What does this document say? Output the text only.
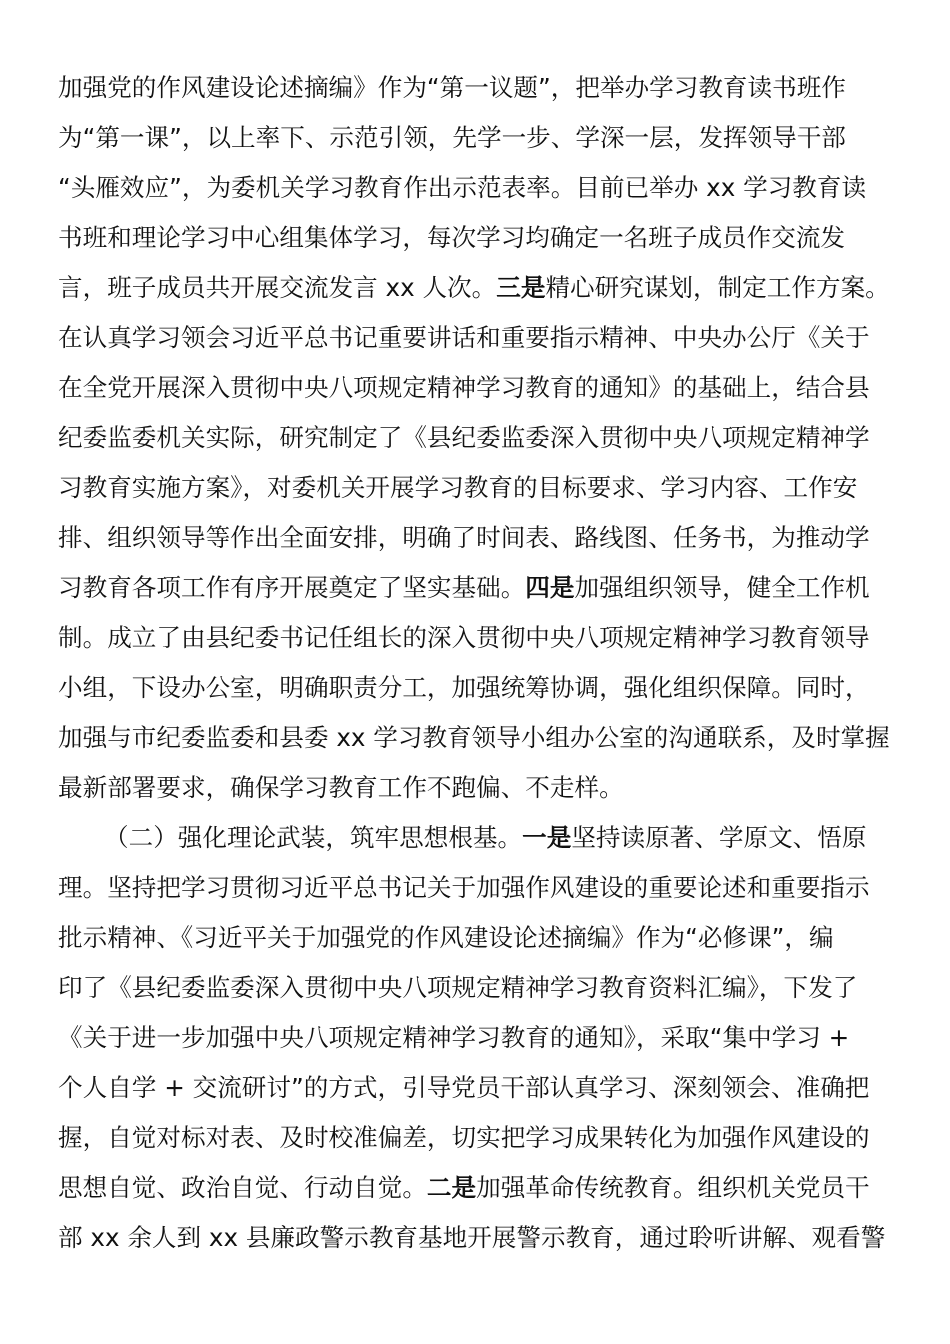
加强党的作风建设论述摘编》作为“第一议题”，把举办学习教育读书班作
为“第一课”，以上率下、示范引领，先学一步、学深一层，发挥领导干部
“头雁效应”，为委机关学习教育作出示范表率。目前已举办 xx 学习教育读
书班和理论学习中心组集体学习，每次学习均确定一名班子成员作交流发
言，班子成员共开展交流发言 xx 人次。三是精心研究谋划，制定工作方案。
在认真学习领会习近平总书记重要讲话和重要指示精神、中央办公厅《关于
在全党开展深入贯彻中央八项规定精神学习教育的通知》的基础上，结合县
纪委监委机关实际，研究制定了《县纪委监委深入贯彻中央八项规定精神学
习教育实施方案》，对委机关开展学习教育的目标要求、学习内容、工作安
排、组织领导等作出全面安排，明确了时间表、路线图、任务书，为推动学
习教育各项工作有序开展奠定了坚实基础。四是加强组织领导，健全工作机
制。成立了由县纪委书记任组长的深入贯彻中央八项规定精神学习教育领导
小组，下设办公室，明确职责分工，加强统筹协调，强化组织保障。同时，
加强与市纪委监委和县委 xx 学习教育领导小组办公室的沟通联系，及时掌握
最新部署要求，确保学习教育工作不跑偏、不走样。
（二）强化理论武装，筑牢思想根基。一是坚持读原著、学原文、悟原
理。坚持把学习贯彻习近平总书记关于加强作风建设的重要论述和重要指示
批示精神、《习近平关于加强党的作风建设论述摘编》作为“必修课”，编
印了《县纪委监委深入贯彻中央八项规定精神学习教育资料汇编》，下发了
《关于进一步加强中央八项规定精神学习教育的通知》，采取“集中学习 +
个人自学 + 交流研讨”的方式，引导党员干部认真学习、深刻领会、准确把
握，自觉对标对表、及时校准偏差，切实把学习成果转化为加强作风建设的
思想自觉、政治自觉、行动自觉。二是加强革命传统教育。组织机关党员干
部 xx 余人到 xx 县廉政警示教育基地开展警示教育，通过聆听讲解、观看警
